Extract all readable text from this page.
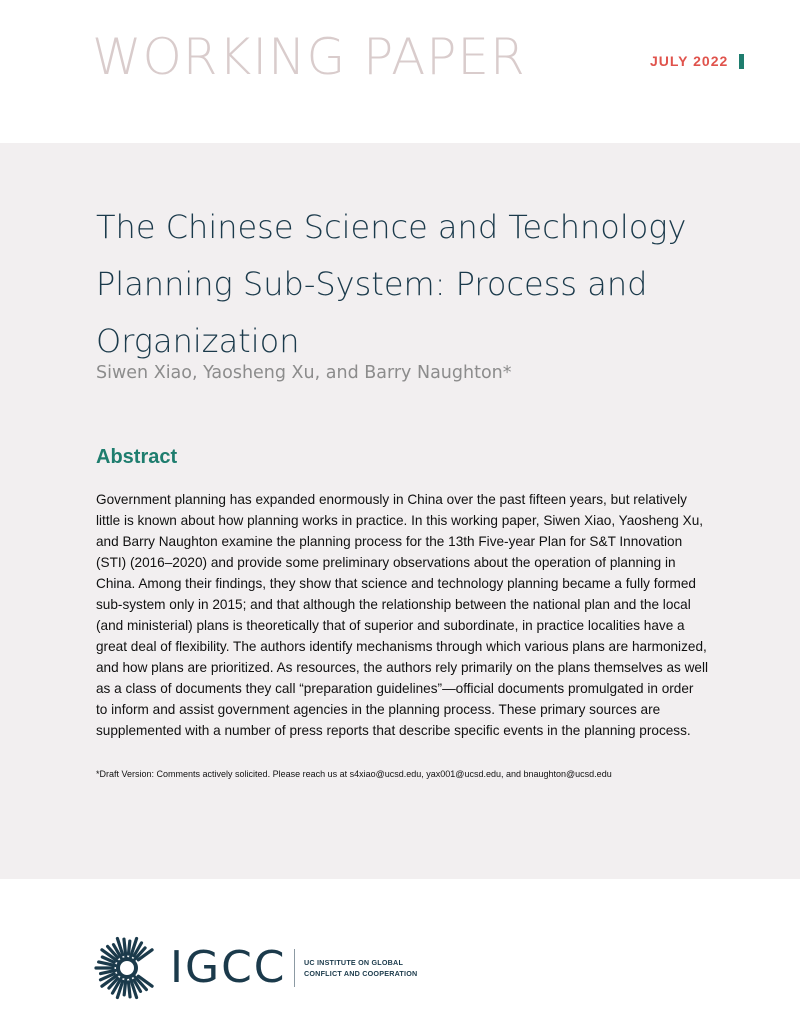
WORKING PAPER	JULY 2022
The Chinese Science and Technology Planning Sub-System: Process and Organization
Siwen Xiao, Yaosheng Xu, and Barry Naughton*
Abstract

Government planning has expanded enormously in China over the past fifteen years, but relatively little is known about how planning works in practice. In this working paper, Siwen Xiao, Yaosheng Xu, and Barry Naughton examine the planning process for the 13th Five-year Plan for S&T Innovation (STI) (2016–2020) and provide some preliminary observations about the operation of planning in China. Among their findings, they show that science and technology planning became a fully formed sub-system only in 2015; and that although the relationship between the national plan and the local (and ministerial) plans is theoretically that of superior and subordinate, in practice localities have a great deal of flexibility. The authors identify mechanisms through which various plans are harmonized, and how plans are prioritized. As resources, the authors rely primarily on the plans themselves as well as a class of documents they call “preparation guidelines”—official documents promulgated in order to inform and assist government agencies in the planning process. These primary sources are supplemented with a number of press reports that describe specific events in the planning process.

*Draft Version: Comments actively solicited. Please reach us at s4xiao@ucsd.edu, yax001@ucsd.edu, and bnaughton@ucsd.edu
IGCC UC INSTITUTE ON GLOBAL
CONFLICT AND COOPERATION
